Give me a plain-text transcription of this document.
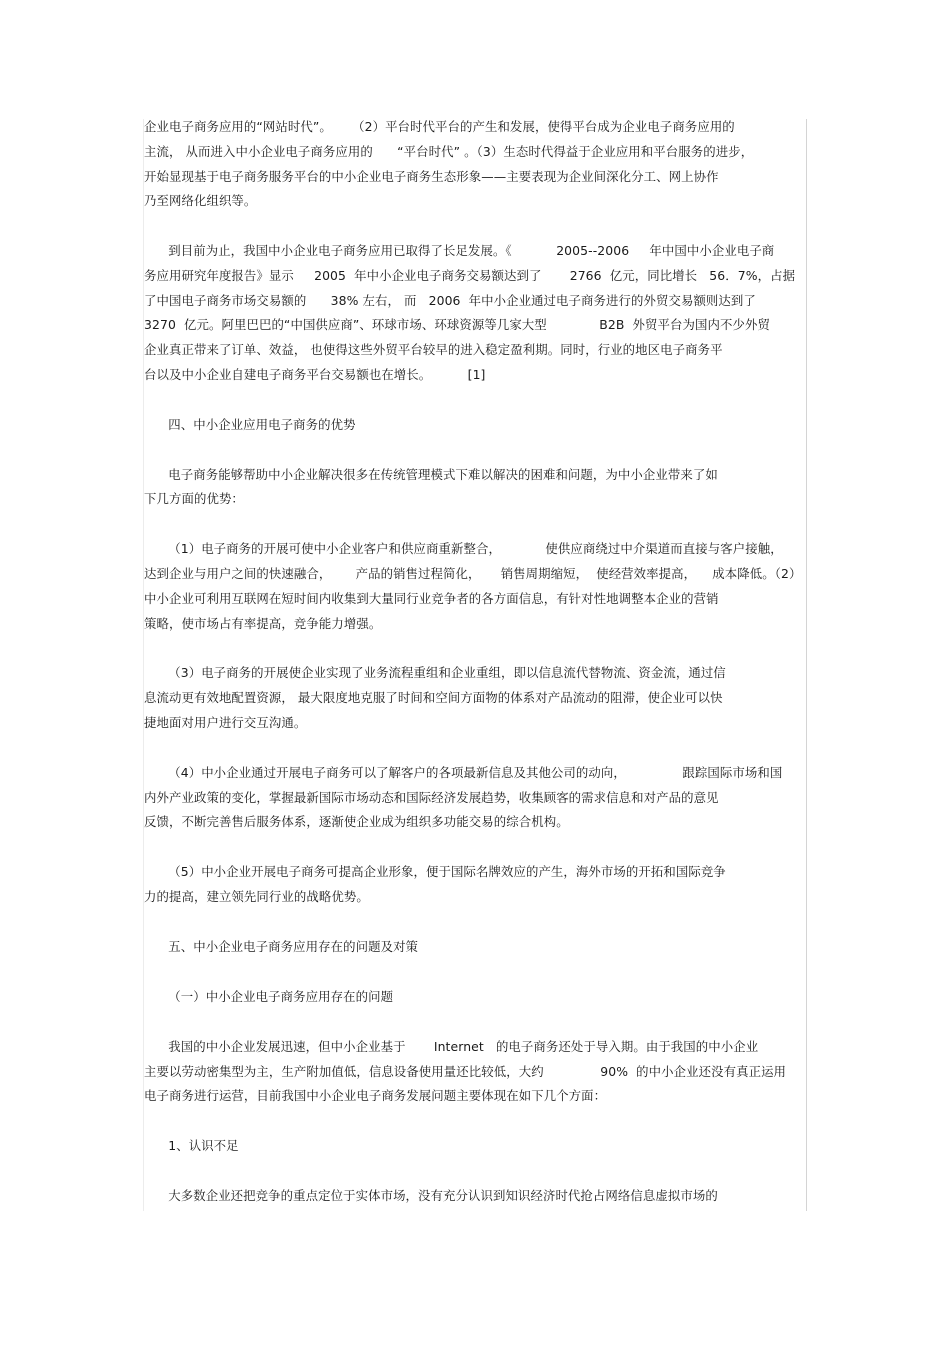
企业电子商务应用的“网站时代”。     （2）平台时代平台的产生和发展，使得平台成为企业电子商务应用的
主流， 从而进入中小企业电子商务应用的      “平台时代” 。（3）生态时代得益于企业应用和平台服务的进步，
开始显现基于电子商务服务平台的中小企业电子商务生态形象——主要表现为企业间深化分工、网上协作
乃至网络化组织等。
到目前为止，我国中小企业电子商务应用已取得了长足发展。《           2005--2006     年中国中小企业电子商
务应用研究年度报告》显示     2005  年中小企业电子商务交易额达到了       2766  亿元，同比增长   56．7%，占据
了中国电子商务市场交易额的      38% 左右， 而   2006  年中小企业通过电子商务进行的外贸交易额则达到了
3270  亿元。阿里巴巴的“中国供应商”、环球市场、环球资源等几家大型             B2B  外贸平台为国内不少外贸
企业真正带来了订单、效益， 也使得这些外贸平台较早的进入稳定盈利期。同时，行业的地区电子商务平
台以及中小企业自建电子商务平台交易额也在增长。         [1]
四、中小企业应用电子商务的优势
电子商务能够帮助中小企业解决很多在传统管理模式下难以解决的困难和问题，为中小企业带来了如
下几方面的优势：
（1）电子商务的开展可使中小企业客户和供应商重新整合，           使供应商绕过中介渠道而直接与客户接触，
达到企业与用户之间的快速融合，      产品的销售过程简化，     销售周期缩短，  使经营效率提高，    成本降低。（2）
中小企业可利用互联网在短时间内收集到大量同行业竞争者的各方面信息，有针对性地调整本企业的营销
策略，使市场占有率提高，竞争能力增强。
（3）电子商务的开展使企业实现了业务流程重组和企业重组，即以信息流代替物流、资金流，通过信
息流动更有效地配置资源， 最大限度地克服了时间和空间方面物的体系对产品流动的阻滞，使企业可以快
捷地面对用户进行交互沟通。
（4）中小企业通过开展电子商务可以了解客户的各项最新信息及其他公司的动向，              跟踪国际市场和国
内外产业政策的变化，掌握最新国际市场动态和国际经济发展趋势，收集顾客的需求信息和对产品的意见
反馈，不断完善售后服务体系，逐渐使企业成为组织多功能交易的综合机构。
（5）中小企业开展电子商务可提高企业形象，便于国际名牌效应的产生，海外市场的开拓和国际竞争
力的提高，建立领先同行业的战略优势。
五、中小企业电子商务应用存在的问题及对策
（一）中小企业电子商务应用存在的问题
我国的中小企业发展迅速，但中小企业基于       Internet   的电子商务还处于导入期。由于我国的中小企业
主要以劳动密集型为主，生产附加值低，信息设备使用量还比较低，大约              90%  的中小企业还没有真正运用
电子商务进行运营，目前我国中小企业电子商务发展问题主要体现在如下几个方面：
1、认识不足
大多数企业还把竞争的重点定位于实体市场，没有充分认识到知识经济时代抢占网络信息虚拟市场的
